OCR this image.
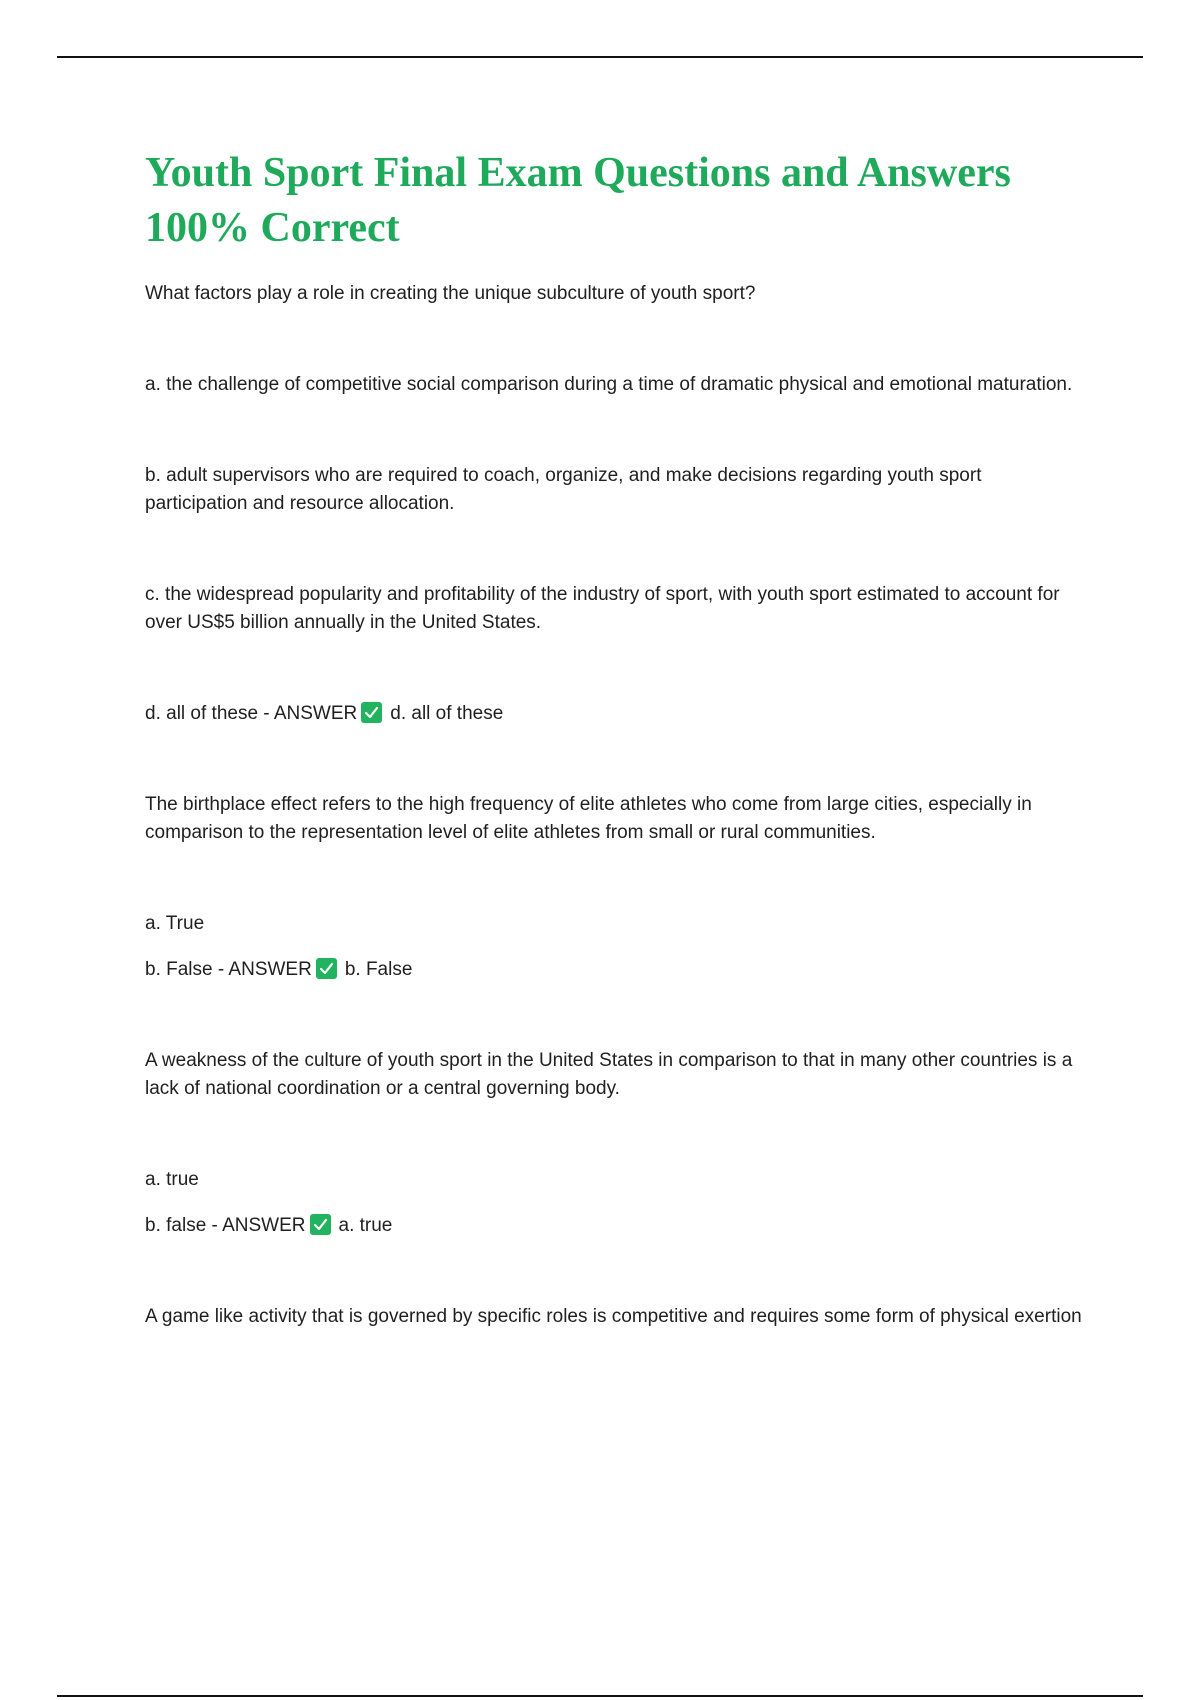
Youth Sport Final Exam Questions and Answers 100% Correct

What factors play a role in creating the unique subculture of youth sport?

a. the challenge of competitive social comparison during a time of dramatic physical and emotional maturation.

b. adult supervisors who are required to coach, organize, and make decisions regarding youth sport participation and resource allocation.

c. the widespread popularity and profitability of the industry of sport, with youth sport estimated to account for over US$5 billion annually in the United States.

d. all of these - ANSWER d. all of these

The birthplace effect refers to the high frequency of elite athletes who come from large cities, especially in comparison to the representation level of elite athletes from small or rural communities.

a. True

b. False - ANSWER b. False

A weakness of the culture of youth sport in the United States in comparison to that in many other countries is a lack of national coordination or a central governing body.

a. true

b. false - ANSWER a. true

A game like activity that is governed by specific roles is competitive and requires some form of physical exertion
